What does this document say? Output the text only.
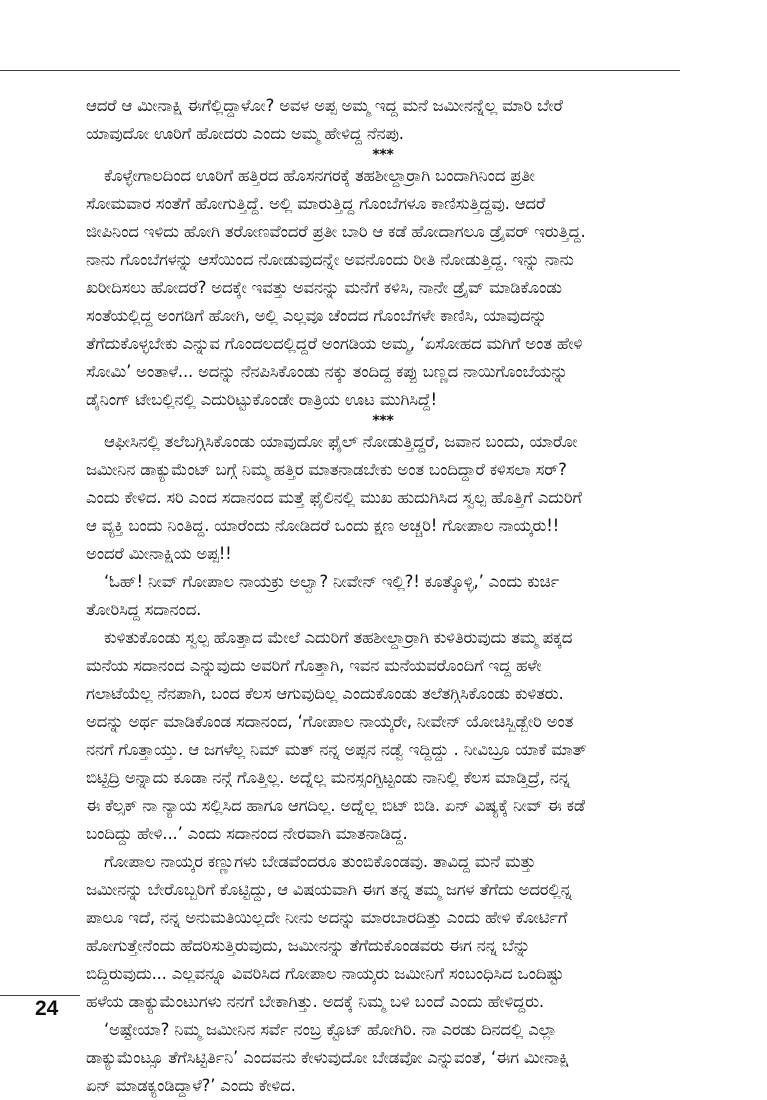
ಆದರೆ ಆ ಮೀನಾಕ್ಷಿ ಈಗೆಲ್ಲಿದ್ದಾಳೋ? ಅವಳ ಅಪ್ಪ ಅಮ್ಮ ಇದ್ದ ಮನೆ ಜಮೀನನ್ನೆಲ್ಲ ಮಾರಿ ಬೇರೆ
ಯಾವುದೋ ಊರಿಗೆ ಹೋದರು ಎಂದು ಅಮ್ಮ ಹೇಳಿದ್ದ ನೆನಪು.

***

ಕೊಳ್ಳೇಗಾಲದಿಂದ ಊರಿಗೆ ಹತ್ತಿರದ ಹೊಸನಗರಕ್ಕೆ ತಹಶೀಲ್ದಾರ್ರಾಗಿ ಬಂದಾಗಿನಿಂದ ಪ್ರತೀ
ಸೋಮವಾರ ಸಂತೆಗೆ ಹೋಗುತ್ತಿದ್ದೆ. ಅಲ್ಲಿ ಮಾರುತ್ತಿದ್ದ ಗೊಂಬೆಗಳೂ ಕಾಣಿಸುತ್ತಿದ್ದವು. ಆದರೆ
ಜೀಪಿನಿಂದ ಇಳಿದು ಹೋಗಿ ತರೋಣವೆಂದರೆ ಪ್ರತೀ ಬಾರಿ ಆ ಕಡೆ ಹೋದಾಗಲೂ ಡ್ರೈವರ್ ಇರುತ್ತಿದ್ದ.
ನಾನು ಗೊಂಬೆಗಳನ್ನು ಆಸೆಯಿಂದ ನೋಡುವುದನ್ನೇ ಅವನೊಂದು ರೀತಿ ನೋಡುತ್ತಿದ್ದ. ಇನ್ನು ನಾನು
ಖರೀದಿಸಲು ಹೋದರೆ? ಅದಕ್ಕೇ ಇವತ್ತು ಅವನನ್ನು ಮನೆಗೆ ಕಳಿಸಿ, ನಾನೇ ಡ್ರೈವ್ ಮಾಡಿಕೊಂಡು
ಸಂತೆಯಲ್ಲಿದ್ದ ಅಂಗಡಿಗೆ ಹೋಗಿ, ಅಲ್ಲಿ ಎಲ್ಲವೂ ಚೆಂದದ ಗೊಂಬೆಗಳೇ ಕಾಣಿಸಿ, ಯಾವುದನ್ನು
ತೆಗೆದುಕೊಳ್ಳಬೇಕು ಎನ್ನುವ ಗೊಂದಲದಲ್ಲಿದ್ದರೆ ಅಂಗಡಿಯ ಅಮ್ಮ, ‘ಏಸೋಹದ ಮಗಿಗೆ ಅಂತ ಹೇಳಿ
ಸೋಮಿ’ ಅಂತಾಳೆ... ಅದನ್ನು ನೆನಪಿಸಿಕೊಂಡು ನಕ್ಕು ತಂದಿದ್ದ ಕಪ್ಪು ಬಣ್ಣದ ನಾಯಿಗೊಂಬೆಯನ್ನು
ಡೈನಿಂಗ್ ಟೇಬಲ್ಲಿನಲ್ಲಿ ಎದುರಿಟ್ಟುಕೊಂಡೇ ರಾತ್ರಿಯ ಊಟ ಮುಗಿಸಿದ್ದೆ!

***

ಆಫೀಸಿನಲ್ಲಿ ತಲೆಬಗ್ಗಿಸಿಕೊಂಡು ಯಾವುದೋ ಫೈಲ್ ನೋಡುತ್ತಿದ್ದರೆ, ಜವಾನ ಬಂದು, ಯಾರೋ
ಜಮೀನಿನ ಡಾಕ್ಯುಮೆಂಟ್ ಬಗ್ಗೆ ನಿಮ್ಮ ಹತ್ತಿರ ಮಾತನಾಡಬೇಕು ಅಂತ ಬಂದಿದ್ದಾರೆ ಕಳಿಸಲಾ ಸರ್?
ಎಂದು ಕೇಳಿದ. ಸರಿ ಎಂದ ಸದಾನಂದ ಮತ್ತೆ ಫೈಲಿನಲ್ಲಿ ಮುಖ ಹುದುಗಿಸಿದ ಸ್ವಲ್ಪ ಹೊತ್ತಿಗೆ ಎದುರಿಗೆ
ಆ ವ್ಯಕ್ತಿ ಬಂದು ನಿಂತಿದ್ದ. ಯಾರೆಂದು ನೋಡಿದರೆ ಒಂದು ಕ್ಷಣ ಅಚ್ಚರಿ! ಗೋಪಾಲ ನಾಯ್ಕರು!!
ಅಂದರೆ ಮೀನಾಕ್ಷಿಯ ಅಪ್ಪ!!

‘ಓಹ್! ನೀವ್ ಗೋಪಾಲ ನಾಯಕ್ರು ಅಲ್ವಾ? ನೀವೇನ್ ಇಲ್ಲಿ?! ಕೂತ್ಕೊಳ್ಳಿ,’ ಎಂದು ಕುರ್ಚಿ
ತೋರಿಸಿದ್ದ ಸದಾನಂದ.

ಕುಳಿತುಕೊಂಡು ಸ್ವಲ್ಪ ಹೊತ್ತಾದ ಮೇಲೆ ಎದುರಿಗೆ ತಹಶೀಲ್ದಾರ್ರಾಗಿ ಕುಳಿತಿರುವುದು ತಮ್ಮ ಪಕ್ಕದ
ಮನೆಯ ಸದಾನಂದ ಎನ್ನುವುದು ಅವರಿಗೆ ಗೊತ್ತಾಗಿ, ಇವನ ಮನೆಯವರೊಂದಿಗೆ ಇದ್ದ ಹಳೇ
ಗಲಾಟೆಯೆಲ್ಲ ನೆನಪಾಗಿ, ಬಂದ ಕೆಲಸ ಆಗುವುದಿಲ್ಲ ಎಂದುಕೊಂಡು ತಲೆತಗ್ಗಿಸಿಕೊಂಡು ಕುಳಿತರು.
ಅದನ್ನು ಅರ್ಥ ಮಾಡಿಕೊಂಡ ಸದಾನಂದ, ‘ಗೋಪಾಲ ನಾಯ್ಕರೇ, ನೀವೇನ್ ಯೋಚಿಸ್ಬಿಡ್ಬೇರಿ ಅಂತ
ನನಗೆ ಗೊತ್ತಾಯ್ತು. ಆ ಜಗಳೆಲ್ಲ ನಿಮ್ ಮತ್ ನನ್ನ ಅಪ್ಪನ ನಡ್ವೆ ಇದ್ದಿದ್ದು . ನೀವಿಬ್ರೂ ಯಾಕೆ ಮಾತ್
ಬಿಟ್ಟಿದ್ರಿ ಅನ್ನಾದು ಕೂಡಾ ನನ್ಗೆ ಗೊತ್ತಿಲ್ಲ. ಅದ್ನೆಲ್ಲ ಮನಸ್ಸಂಗ್ಟಿಟ್ಟಂಡು ನಾನಿಲ್ಲಿ ಕೆಲಸ ಮಾಡ್ತಿದ್ರೆ, ನನ್ನ
ಈ ಕೆಲ್ಸಕ್ ನಾ ನ್ಯಾಯ ಸಲ್ಲಿಸಿದ ಹಾಗೂ ಆಗದಿಲ್ಲ. ಅದ್ನೆಲ್ಲ ಬಿಟ್ ಬಿಡಿ. ಏನ್ ವಿಷ್ಯಕ್ಕೆ ನೀವ್ ಈ ಕಡೆ
ಬಂದಿದ್ದು ಹೇಳಿ...’ ಎಂದು ಸದಾನಂದ ನೇರವಾಗಿ ಮಾತನಾಡಿದ್ದ.

ಗೋಪಾಲ ನಾಯ್ಕರ ಕಣ್ಣುಗಳು ಬೇಡವೆಂದರೂ ತುಂಬಿಕೊಂಡವು. ತಾವಿದ್ದ ಮನೆ ಮತ್ತು
ಜಮೀನನ್ನು ಬೇರೊಬ್ಬರಿಗೆ ಕೊಟ್ಟಿದ್ದು, ಆ ವಿಷಯವಾಗಿ ಈಗ ತನ್ನ ತಮ್ಮ ಜಗಳ ತೆಗೆದು ಅದರಲ್ಲಿನ್ನ
ಪಾಲೂ ಇದೆ, ನನ್ನ ಅನುಮತಿಯಿಲ್ಲದೇ ನೀನು ಅದನ್ನು ಮಾರಬಾರದಿತ್ತು ಎಂದು ಹೇಳಿ ಕೋರ್ಟಿಗೆ
ಹೋಗುತ್ತೇನೆಂದು ಹೆದರಿಸುತ್ತಿರುವುದು, ಜಮೀನನ್ನು ತೆಗೆದುಕೊಂಡವರು ಈಗ ನನ್ನ ಬೆನ್ನು
ಬಿದ್ದಿರುವುದು... ಎಲ್ಲವನ್ನೂ ವಿವರಿಸಿದ ಗೋಪಾಲ ನಾಯ್ಕರು ಜಮೀನಿಗೆ ಸಂಬಂಧಿಸಿದ ಒಂದಿಷ್ಟು
ಹಳೆಯ ಡಾಕ್ಯುಮೆಂಟುಗಳು ನನಗೆ ಬೇಕಾಗಿತ್ತು. ಅದಕ್ಕೆ ನಿಮ್ಮ ಬಳಿ ಬಂದೆ ಎಂದು ಹೇಳಿದ್ದರು.

‘ಅಷ್ಟೇಯಾ? ನಿಮ್ಮ ಜಮೀನಿನ ಸರ್ವೆ ನಂಬ್ರ ಕ್ಟೊಟ್ ಹೋಗಿರಿ. ನಾ ಎರಡು ದಿನದಲ್ಲಿ ಎಲ್ಲಾ
ಡಾಕ್ಯುಮೆಂಟ್ಸೂ ತೆಗೆಸಿಟ್ಟಿರ್ತಿನಿ’ ಎಂದವನು ಕೇಳುವುದೋ ಬೇಡವೋ ಎನ್ನುವಂತೆ, ‘ಈಗ ಮೀನಾಕ್ಷಿ
ಏನ್ ಮಾಡಕ್ಯಂಡಿದ್ದಾಳೆ?’ ಎಂದು ಕೇಳಿದ.

24
